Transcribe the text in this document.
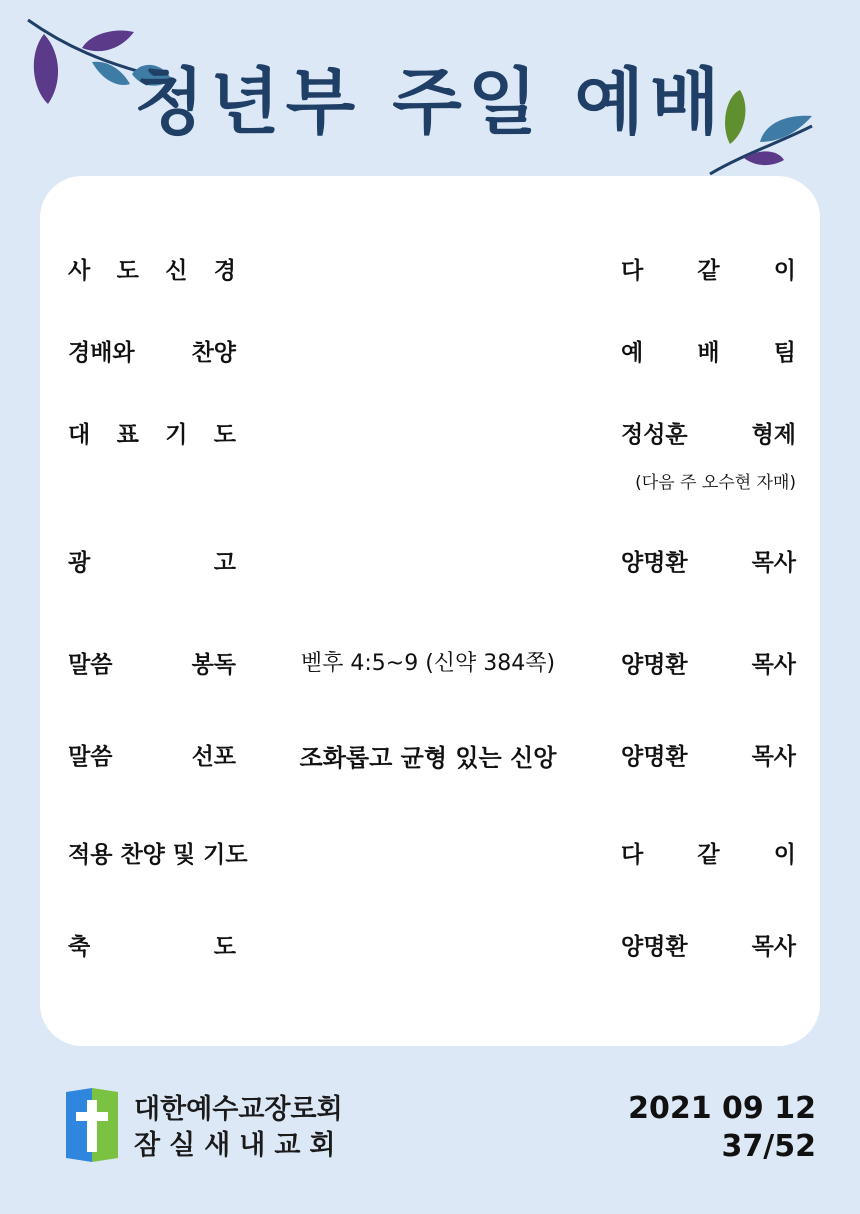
청년부 주일 예배
사 도 신 경	다 같 이
경배와 찬양	예 배 팀
대 표 기 도	정성훈	형제
(다음 주 오수현 자매)
광	고	양명환	목사
말씀	봉독	벧후 4:5~9 (신약 384쪽)	양명환	목사
말씀	선포	조화롭고 균형 있는 신앙	양명환	목사
적용 찬양 및 기도	다 같 이
축	도	양명환	목사
대한예수교장로회
잠실새내교회
2021 09 12
37/52
